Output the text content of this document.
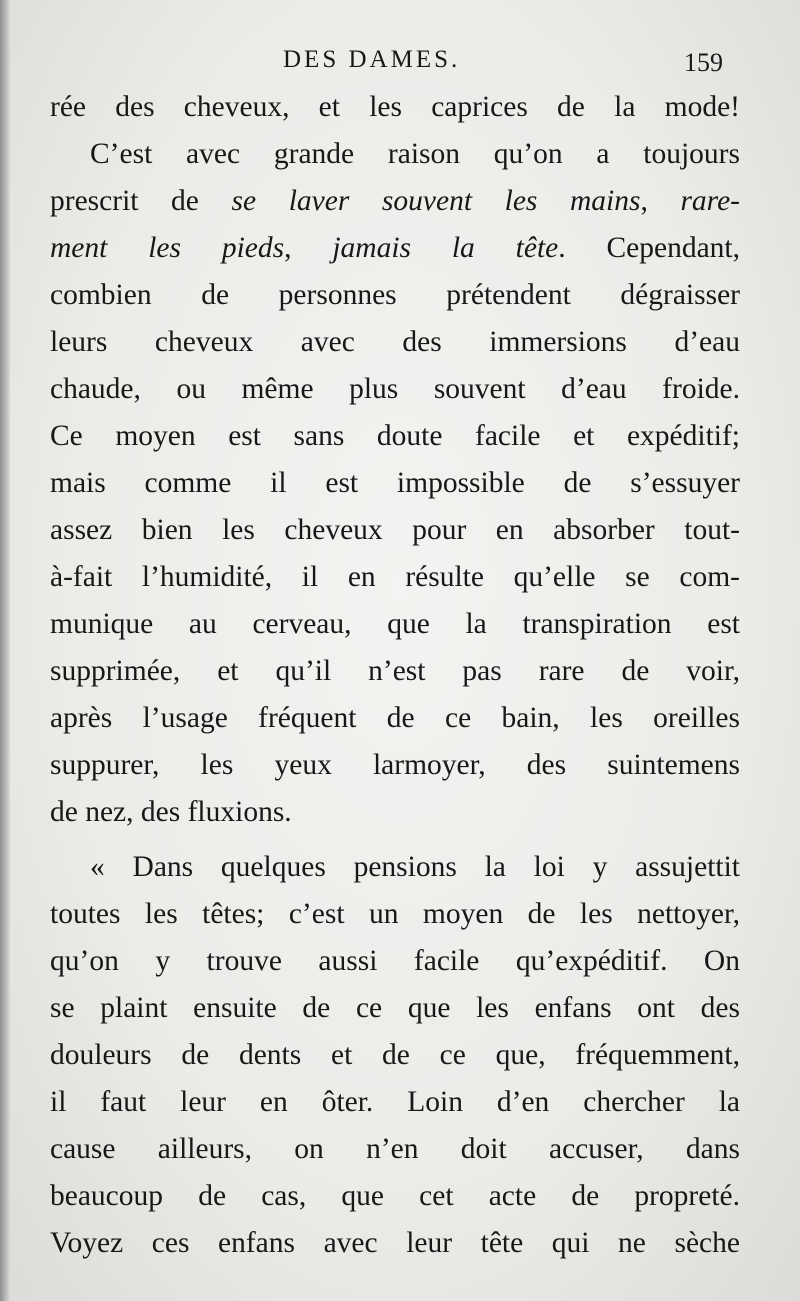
DES DAMES.	159
rée des cheveux, et les caprices de la mode!
C’est avec grande raison qu’on a toujours
prescrit de se laver souvent les mains, rare-
ment les pieds, jamais la tête. Cependant,
combien de personnes prétendent dégraisser
leurs cheveux avec des immersions d’eau
chaude, ou même plus souvent d’eau froide.
Ce moyen est sans doute facile et expéditif;
mais comme il est impossible de s’essuyer
assez bien les cheveux pour en absorber tout-
à-fait l’humidité, il en résulte qu’elle se com-
munique au cerveau, que la transpiration est
supprimée, et qu’il n’est pas rare de voir,
après l’usage fréquent de ce bain, les oreilles
suppurer, les yeux larmoyer, des suintemens
de nez, des fluxions.
« Dans quelques pensions la loi y assujettit
toutes les têtes; c’est un moyen de les nettoyer,
qu’on y trouve aussi facile qu’expéditif. On
se plaint ensuite de ce que les enfans ont des
douleurs de dents et de ce que, fréquemment,
il faut leur en ôter. Loin d’en chercher la
cause ailleurs, on n’en doit accuser, dans
beaucoup de cas, que cet acte de propreté.
Voyez ces enfans avec leur tête qui ne sèche
